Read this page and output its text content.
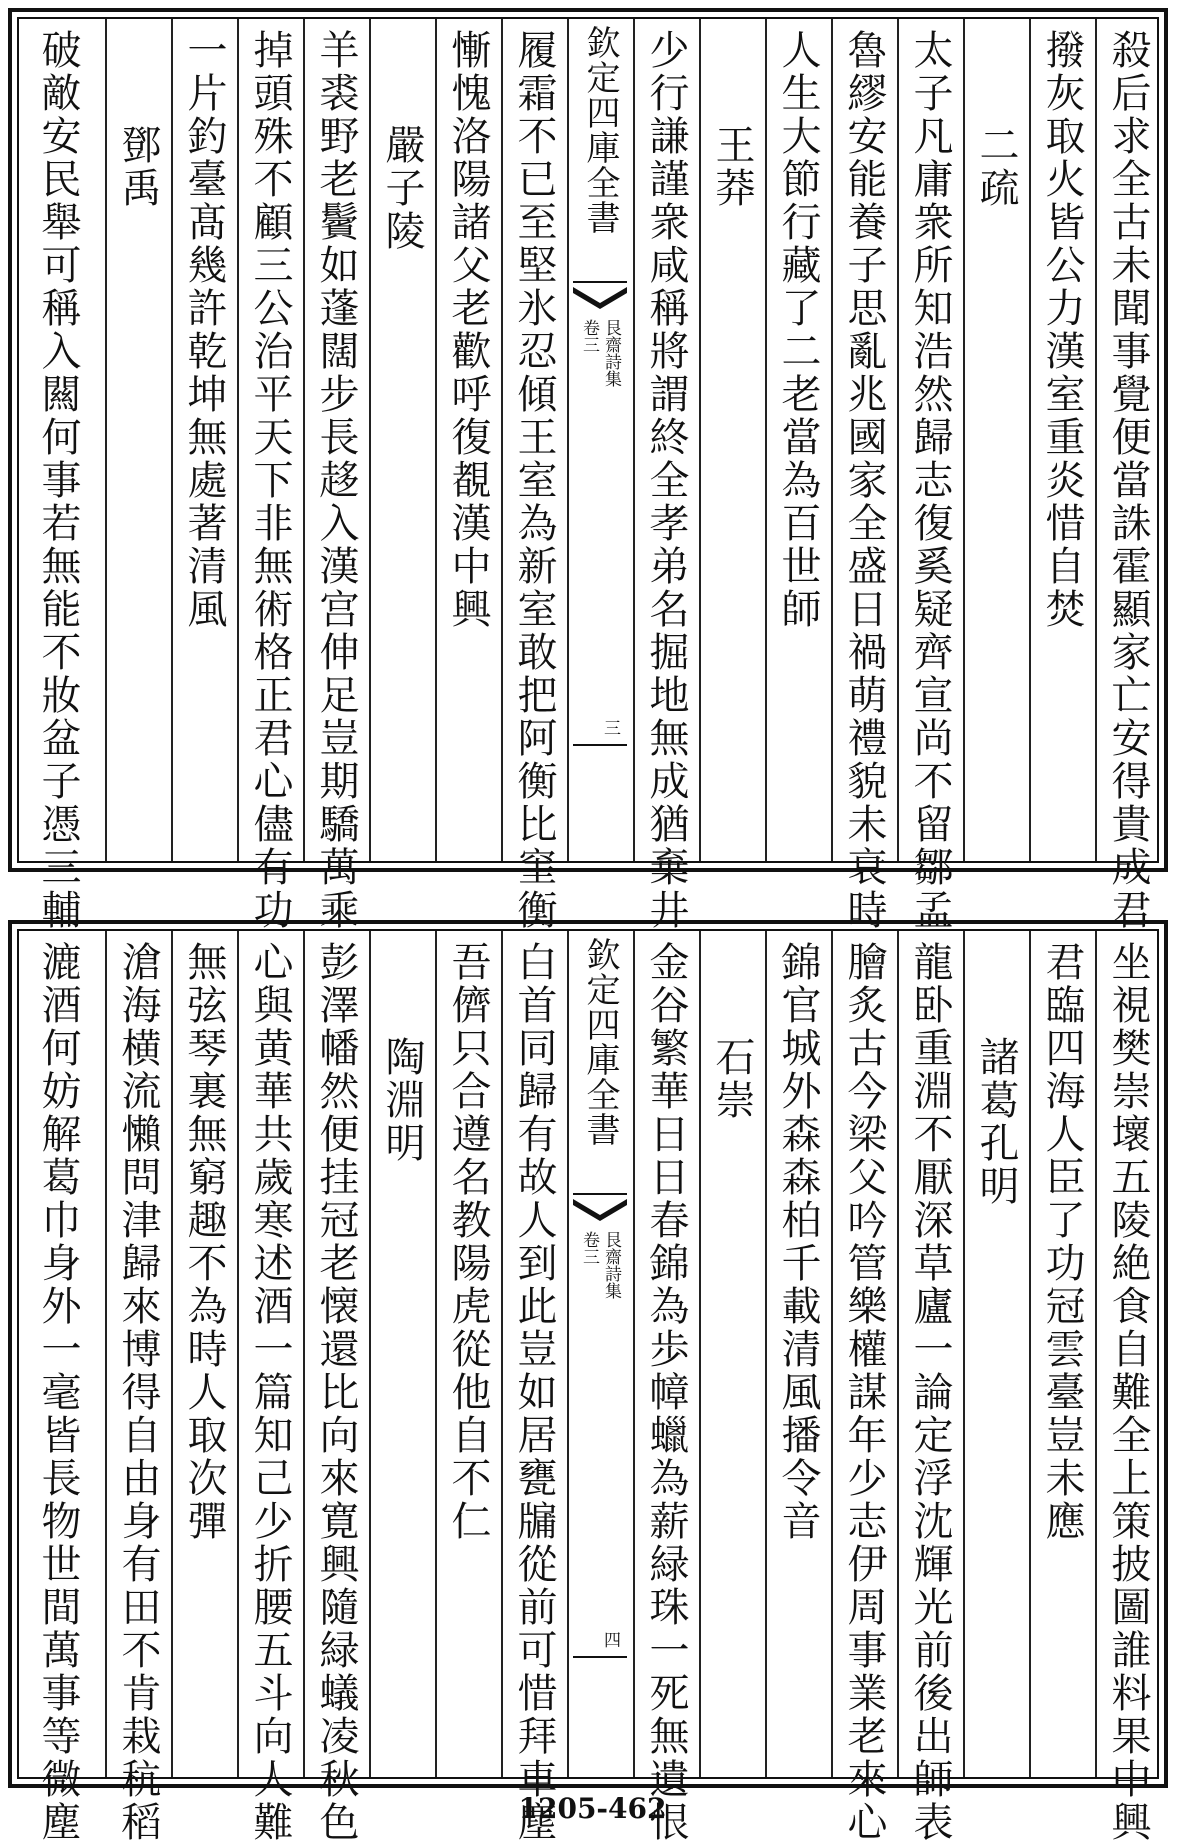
殺后求全古未聞事覺便當誅霍顯家亡安得貴成君
撥灰取火皆公力漢室重炎惜自焚
二疏
太子凡庸衆所知浩然歸志復奚疑齊宣尚不留鄒孟
魯繆安能養子思亂兆國家全盛日禍萌禮貌未衰時
人生大節行藏了二老當為百世師
王莽
少行謙謹衆咸稱將謂終全孝弟名掘地無成猶棄井
欽定四庫全書
艮齋詩集
卷三
三
履霜不已至堅氷忍傾王室為新室敢把阿衡比窐衡
慚愧洛陽諸父老歡呼復覩漢中興
嚴子陵
羊裘野老鬢如蓬闊步長趍入漢宫伸足豈期驕萬乘
掉頭殊不顧三公治平天下非無術格正君心儘有功
一片釣臺髙幾許乾坤無處著清風
鄧禹
破敵安民舉可稱入闗何事若無能不妝盆子憑三輔
坐視樊崇壞五陵絶食自難全上策披圖誰料果中興
君臨四海人臣了功冠雲臺豈未應
諸葛孔明
龍卧重淵不厭深草廬一論定浮沈輝光前後出師表
膾炙古今梁父吟管樂權謀年少志伊周事業老來心
錦官城外森森柏千載清風播令音
石崇
金谷繁華日日春錦為歩幛蠟為薪緑珠一死無遺恨
欽定四庫全書
艮齋詩集
卷三
四
白首同歸有故人到此豈如居甕牖從前可惜拜車塵
吾儕只合遵名教陽虎從他自不仁
陶淵明
彭澤幡然便挂冠老懐還比向來寛興隨緑蟻凌秋色
心與黄華共歲寒述酒一篇知己少折腰五斗向人難
無弦琴裏無窮趣不為時人取次彈
滄海横流懶問津歸來博得自由身有田不肯栽秔稻
漉酒何妨解葛巾身外一毫皆長物世間萬事等微塵	1205-462
